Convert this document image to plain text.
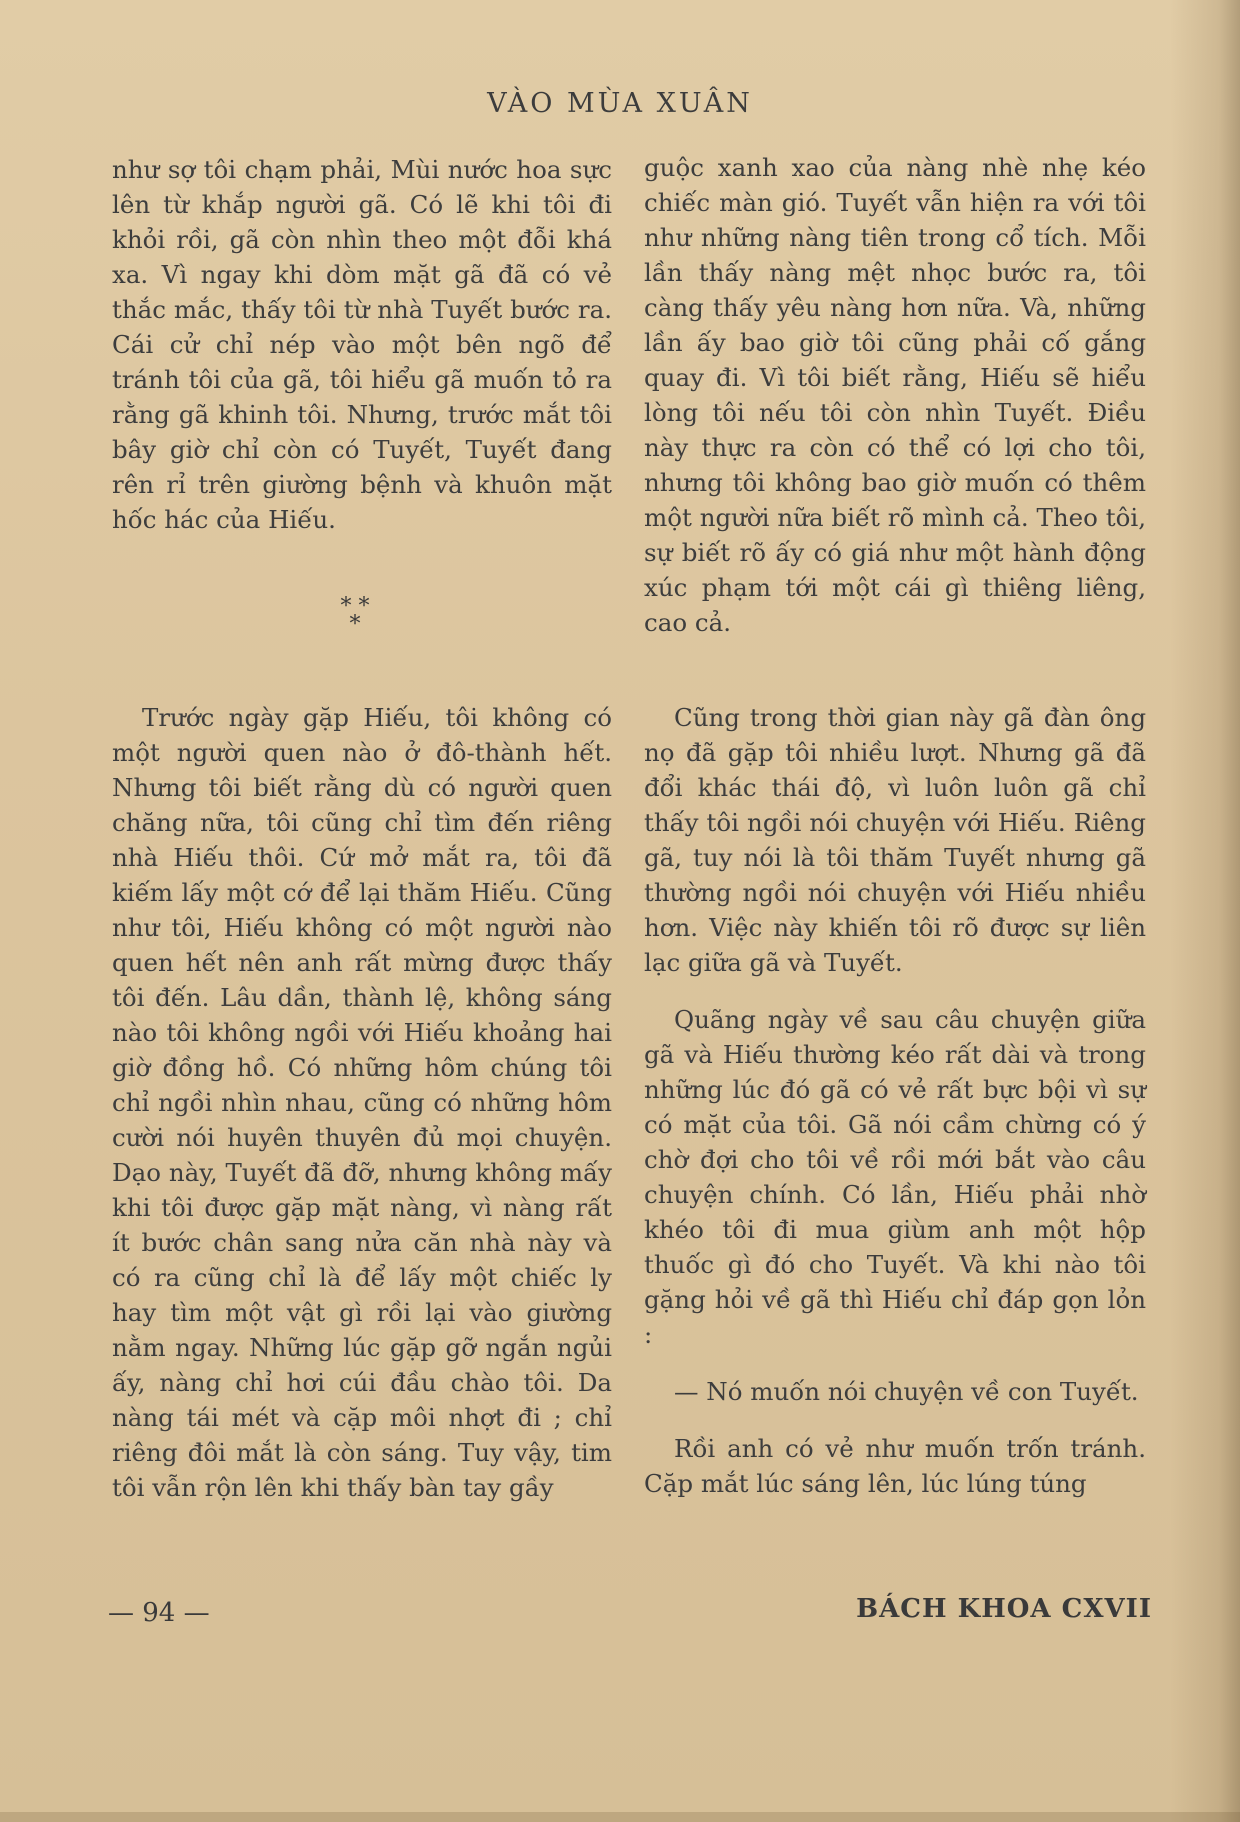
VÀO MÙA XUÂN

như sợ tôi chạm phải, Mùi nước hoa sực lên từ khắp người gã. Có lẽ khi tôi đi khỏi rồi, gã còn nhìn theo một đỗi khá xa. Vì ngay khi dòm mặt gã đã có vẻ thắc mắc, thấy tôi từ nhà Tuyết bước ra. Cái cử chỉ nép vào một bên ngõ để tránh tôi của gã, tôi hiểu gã muốn tỏ ra rằng gã khinh tôi. Nhưng, trước mắt tôi bây giờ chỉ còn có Tuyết, Tuyết đang rên rỉ trên giường bệnh và khuôn mặt hốc hác của Hiếu.

* *
*

Trước ngày gặp Hiếu, tôi không có một người quen nào ở đô-thành hết. Nhưng tôi biết rằng dù có người quen chăng nữa, tôi cũng chỉ tìm đến riêng nhà Hiếu thôi. Cứ mở mắt ra, tôi đã kiếm lấy một cớ để lại thăm Hiếu. Cũng như tôi, Hiếu không có một người nào quen hết nên anh rất mừng được thấy tôi đến. Lâu dần, thành lệ, không sáng nào tôi không ngồi với Hiếu khoảng hai giờ đồng hồ. Có những hôm chúng tôi chỉ ngồi nhìn nhau, cũng có những hôm cười nói huyên thuyên đủ mọi chuyện. Dạo này, Tuyết đã đỡ, nhưng không mấy khi tôi được gặp mặt nàng, vì nàng rất ít bước chân sang nửa căn nhà này và có ra cũng chỉ là để lấy một chiếc ly hay tìm một vật gì rồi lại vào giường nằm ngay. Những lúc gặp gỡ ngắn ngủi ấy, nàng chỉ hơi cúi đầu chào tôi. Da nàng tái mét và cặp môi nhợt đi ; chỉ riêng đôi mắt là còn sáng. Tuy vậy, tim tôi vẫn rộn lên khi thấy bàn tay gầy

guộc xanh xao của nàng nhè nhẹ kéo chiếc màn gió. Tuyết vẫn hiện ra với tôi như những nàng tiên trong cổ tích. Mỗi lần thấy nàng mệt nhọc bước ra, tôi càng thấy yêu nàng hơn nữa. Và, những lần ấy bao giờ tôi cũng phải cố gắng quay đi. Vì tôi biết rằng, Hiếu sẽ hiểu lòng tôi nếu tôi còn nhìn Tuyết. Điều này thực ra còn có thể có lợi cho tôi, nhưng tôi không bao giờ muốn có thêm một người nữa biết rõ mình cả. Theo tôi, sự biết rõ ấy có giá như một hành động xúc phạm tới một cái gì thiêng liêng, cao cả.

Cũng trong thời gian này gã đàn ông nọ đã gặp tôi nhiều lượt. Nhưng gã đã đổi khác thái độ, vì luôn luôn gã chỉ thấy tôi ngồi nói chuyện với Hiếu. Riêng gã, tuy nói là tôi thăm Tuyết nhưng gã thường ngồi nói chuyện với Hiếu nhiều hơn. Việc này khiến tôi rõ được sự liên lạc giữa gã và Tuyết.

Quãng ngày về sau câu chuyện giữa gã và Hiếu thường kéo rất dài và trong những lúc đó gã có vẻ rất bực bội vì sự có mặt của tôi. Gã nói cầm chừng có ý chờ đợi cho tôi về rồi mới bắt vào câu chuyện chính. Có lần, Hiếu phải nhờ khéo tôi đi mua giùm anh một hộp thuốc gì đó cho Tuyết. Và khi nào tôi gặng hỏi về gã thì Hiếu chỉ đáp gọn lỏn :

— Nó muốn nói chuyện về con Tuyết.

Rồi anh có vẻ như muốn trốn tránh. Cặp mắt lúc sáng lên, lúc lúng túng

— 94 —	BÁCH KHOA CXVII
